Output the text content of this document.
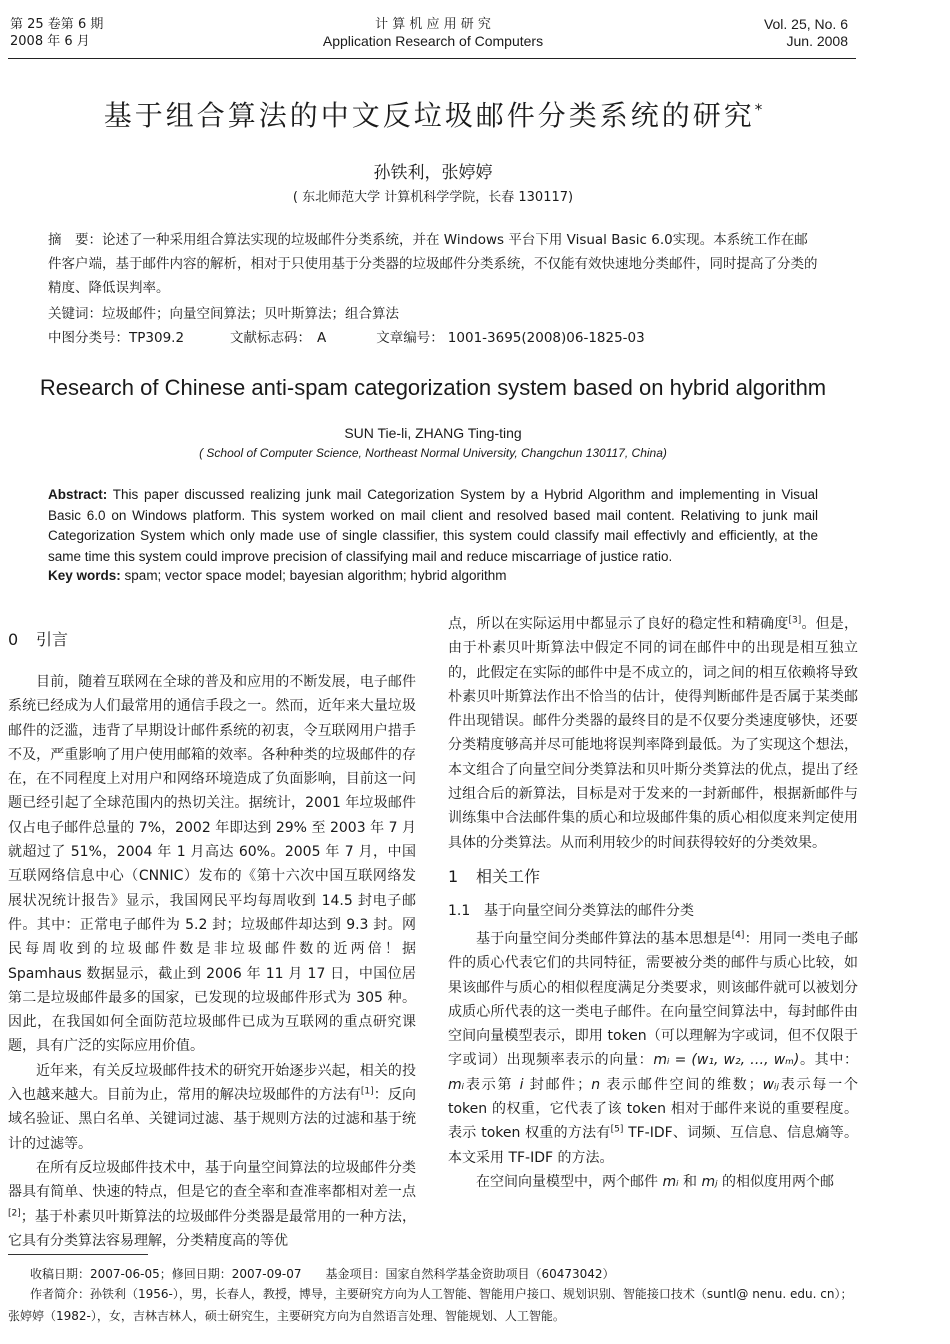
第 25 卷第 6 期
2008 年 6 月
计 算 机 应 用 研 究
Application Research of Computers
Vol. 25, No. 6
Jun. 2008
基于组合算法的中文反垃圾邮件分类系统的研究*
孙铁利，张婷婷
( 东北师范大学 计算机科学学院，长春 130117)

摘　要：论述了一种采用组合算法实现的垃圾邮件分类系统，并在 Windows 平台下用 Visual Basic 6.0实现。本系统工作在邮件客户端，基于邮件内容的解析，相对于只使用基于分类器的垃圾邮件分类系统，不仅能有效快速地分类邮件，同时提高了分类的精度、降低误判率。

关键词：垃圾邮件；向量空间算法；贝叶斯算法；组合算法
中图分类号：TP309.2	文献标志码： A	文章编号： 1001-3695(2008)06-1825-03
Research of Chinese anti-spam categorization system based on hybrid algorithm
SUN Tie-li, ZHANG Ting-ting
( School of Computer Science, Northeast Normal University, Changchun 130117, China)
Abstract: This paper discussed realizing junk mail Categorization System by a Hybrid Algorithm and implementing in Visual Basic 6.0 on Windows platform. This system worked on mail client and resolved based mail content. Relativing to junk mail Categorization System which only made use of single classifier, this system could classify mail effectivly and efficiently, at the same time this system could improve precision of classifying mail and reduce miscarriage of justice ratio.
Key words: spam; vector space model; bayesian algorithm; hybrid algorithm

0 引言

目前，随着互联网在全球的普及和应用的不断发展，电子邮件系统已经成为人们最常用的通信手段之一。然而，近年来大量垃圾邮件的泛滥，违背了早期设计邮件系统的初衷，令互联网用户措手不及，严重影响了用户使用邮箱的效率。各种种类的垃圾邮件的存在，在不同程度上对用户和网络环境造成了负面影响，目前这一问题已经引起了全球范围内的热切关注。据统计，2001 年垃圾邮件仅占电子邮件总量的 7%，2002 年即达到 29% 至 2003 年 7 月就超过了 51%，2004 年 1 月高达 60%。2005 年 7 月，中国互联网络信息中心（CNNIC）发布的《第十六次中国互联网络发展状况统计报告》显示，我国网民平均每周收到 14.5 封电子邮件。其中：正常电子邮件为 5.2 封；垃圾邮件却达到 9.3 封。网民每周收到的垃圾邮件数是非垃圾邮件数的近两倍！据 Spamhaus 数据显示，截止到 2006 年 11 月 17 日，中国位居第二是垃圾邮件最多的国家，已发现的垃圾邮件形式为 305 种。因此，在我国如何全面防范垃圾邮件已成为互联网的重点研究课题，具有广泛的实际应用价值。

近年来，有关反垃圾邮件技术的研究开始逐步兴起，相关的投入也越来越大。目前为止，常用的解决垃圾邮件的方法有[1]：反向域名验证、黑白名单、关键词过滤、基于规则方法的过滤和基于统计的过滤等。

在所有反垃圾邮件技术中，基于向量空间算法的垃圾邮件分类器具有简单、快速的特点，但是它的查全率和查准率都相对差一点[2]；基于朴素贝叶斯算法的垃圾邮件分类器是最常用的一种方法，它具有分类算法容易理解，分类精度高的等优

点，所以在实际运用中都显示了良好的稳定性和精确度[3]。但是，由于朴素贝叶斯算法中假定不同的词在邮件中的出现是相互独立的，此假定在实际的邮件中是不成立的，词之间的相互依赖将导致朴素贝叶斯算法作出不恰当的估计，使得判断邮件是否属于某类邮件出现错误。邮件分类器的最终目的是不仅要分类速度够快，还要分类精度够高并尽可能地将误判率降到最低。为了实现这个想法，本文组合了向量空间分类算法和贝叶斯分类算法的优点，提出了经过组合后的新算法，目标是对于发来的一封新邮件，根据新邮件与训练集中合法邮件集的质心和垃圾邮件集的质心相似度来判定使用具体的分类算法。从而利用较少的时间获得较好的分类效果。

1 相关工作

1.1 基于向量空间分类算法的邮件分类

基于向量空间分类邮件算法的基本思想是[4]：用同一类电子邮件的质心代表它们的共同特征，需要被分类的邮件与质心比较，如果该邮件与质心的相似程度满足分类要求，则该邮件就可以被划分成质心所代表的这一类电子邮件。在向量空间算法中，每封邮件由空间向量模型表示，即用 token（可以理解为字或词，但不仅限于字或词）出现频率表示的向量：mᵢ = (w₁, w₂, …, wₘ)。其中：mᵢ表示第 i 封邮件；n 表示邮件空间的维数；wᵢⱼ表示每一个 token 的权重，它代表了该 token 相对于邮件来说的重要程度。表示 token 权重的方法有[5] TF-IDF、词频、互信息、信息熵等。本文采用 TF-IDF 的方法。

在空间向量模型中，两个邮件 mᵢ 和 mⱼ 的相似度用两个邮

收稿日期：2007-06-05；修回日期：2007-09-07　　基金项目：国家自然科学基金资助项目（60473042）
作者简介：孙铁利（1956-），男，长春人，教授，博导，主要研究方向为人工智能、智能用户接口、规划识别、智能接口技术（suntl@ nenu. edu. cn）；
张婷婷（1982-），女，吉林吉林人，硕士研究生，主要研究方向为自然语言处理、智能规划、人工智能。
